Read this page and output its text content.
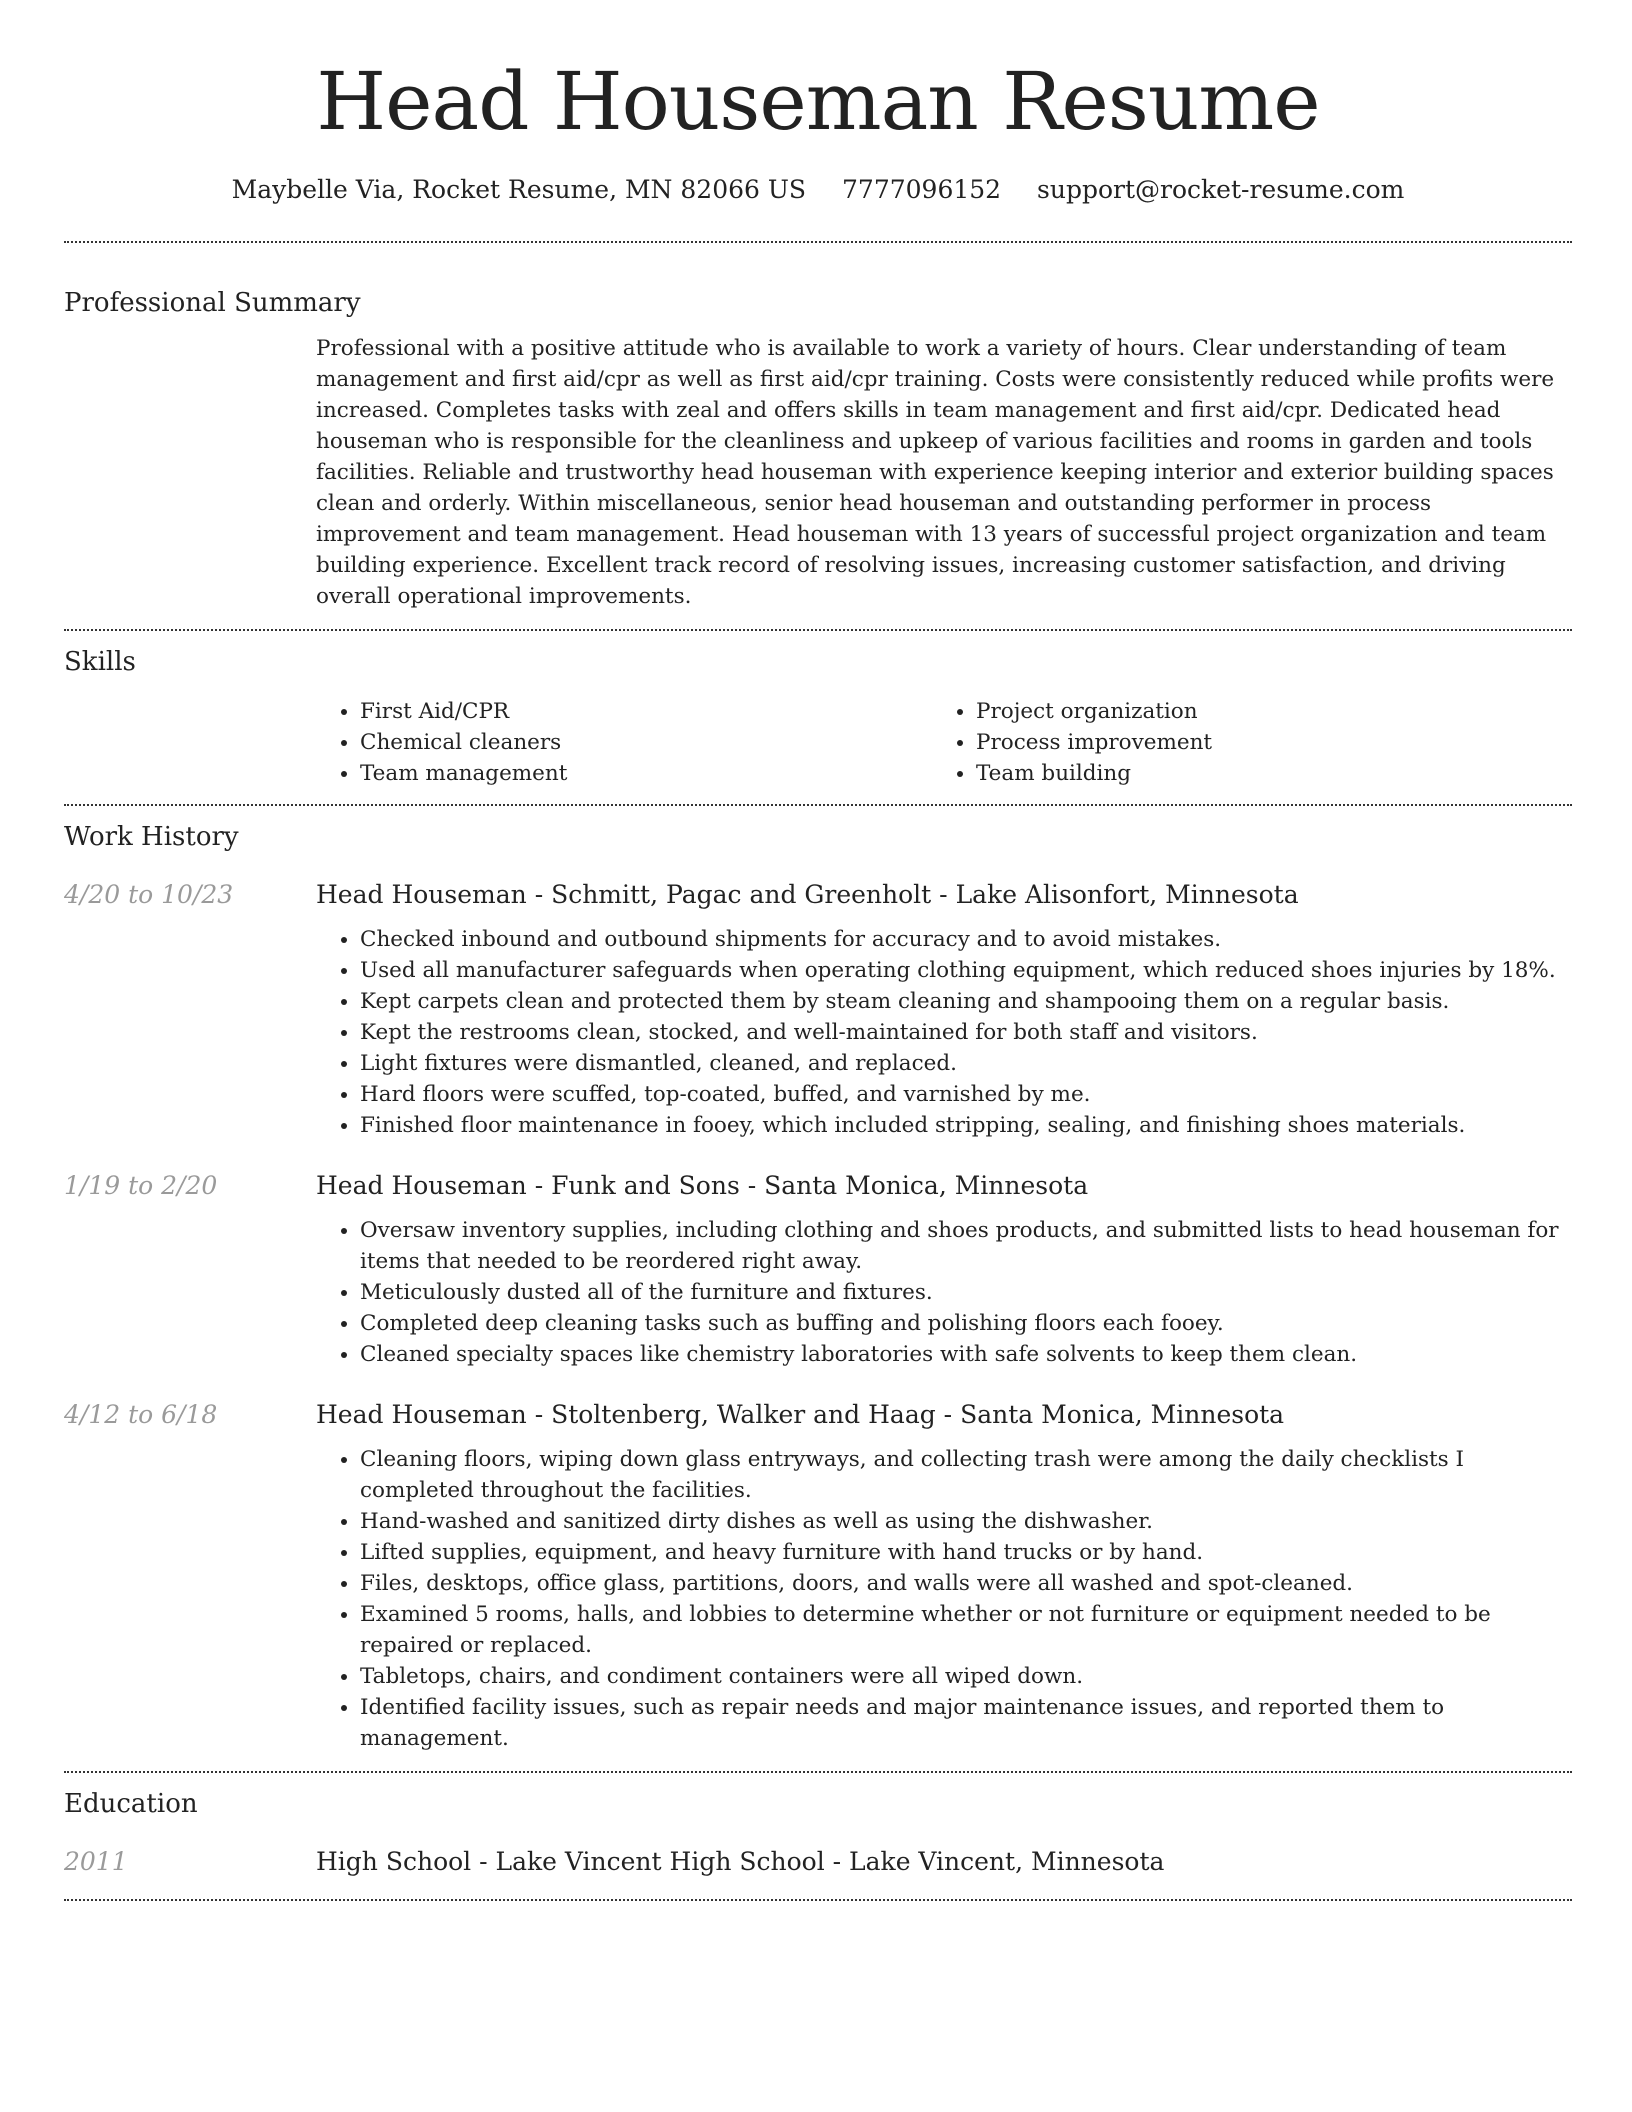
Head Houseman Resume
Maybelle Via, Rocket Resume, MN 82066 US 7777096152 support@rocket-resume.com
Professional Summary

Professional with a positive attitude who is available to work a variety of hours. Clear understanding of team management and first aid/cpr as well as first aid/cpr training. Costs were consistently reduced while profits were increased. Completes tasks with zeal and offers skills in team management and first aid/cpr. Dedicated head houseman who is responsible for the cleanliness and upkeep of various facilities and rooms in garden and tools facilities. Reliable and trustworthy head houseman with experience keeping interior and exterior building spaces clean and orderly. Within miscellaneous, senior head houseman and outstanding performer in process improvement and team management. Head houseman with 13 years of successful project organization and team building experience. Excellent track record of resolving issues, increasing customer satisfaction, and driving overall operational improvements.

Skills
• First Aid/CPR
• Chemical cleaners
• Team management
• Project organization
• Process improvement
• Team building
Work History
4/20 to 10/23	Head Houseman - Schmitt, Pagac and Greenholt - Lake Alisonfort, Minnesota
• Checked inbound and outbound shipments for accuracy and to avoid mistakes.
• Used all manufacturer safeguards when operating clothing equipment, which reduced shoes injuries by 18%.
• Kept carpets clean and protected them by steam cleaning and shampooing them on a regular basis.
• Kept the restrooms clean, stocked, and well-maintained for both staff and visitors.
• Light fixtures were dismantled, cleaned, and replaced.
• Hard floors were scuffed, top-coated, buffed, and varnished by me.
• Finished floor maintenance in fooey, which included stripping, sealing, and finishing shoes materials.
1/19 to 2/20	Head Houseman - Funk and Sons - Santa Monica, Minnesota
• Oversaw inventory supplies, including clothing and shoes products, and submitted lists to head houseman for items that needed to be reordered right away.
• Meticulously dusted all of the furniture and fixtures.
• Completed deep cleaning tasks such as buffing and polishing floors each fooey.
• Cleaned specialty spaces like chemistry laboratories with safe solvents to keep them clean.
4/12 to 6/18	Head Houseman - Stoltenberg, Walker and Haag - Santa Monica, Minnesota
• Cleaning floors, wiping down glass entryways, and collecting trash were among the daily checklists I completed throughout the facilities.
• Hand-washed and sanitized dirty dishes as well as using the dishwasher.
• Lifted supplies, equipment, and heavy furniture with hand trucks or by hand.
• Files, desktops, office glass, partitions, doors, and walls were all washed and spot-cleaned.
• Examined 5 rooms, halls, and lobbies to determine whether or not furniture or equipment needed to be repaired or replaced.
• Tabletops, chairs, and condiment containers were all wiped down.
• Identified facility issues, such as repair needs and major maintenance issues, and reported them to management.
Education
2011	High School - Lake Vincent High School - Lake Vincent, Minnesota
